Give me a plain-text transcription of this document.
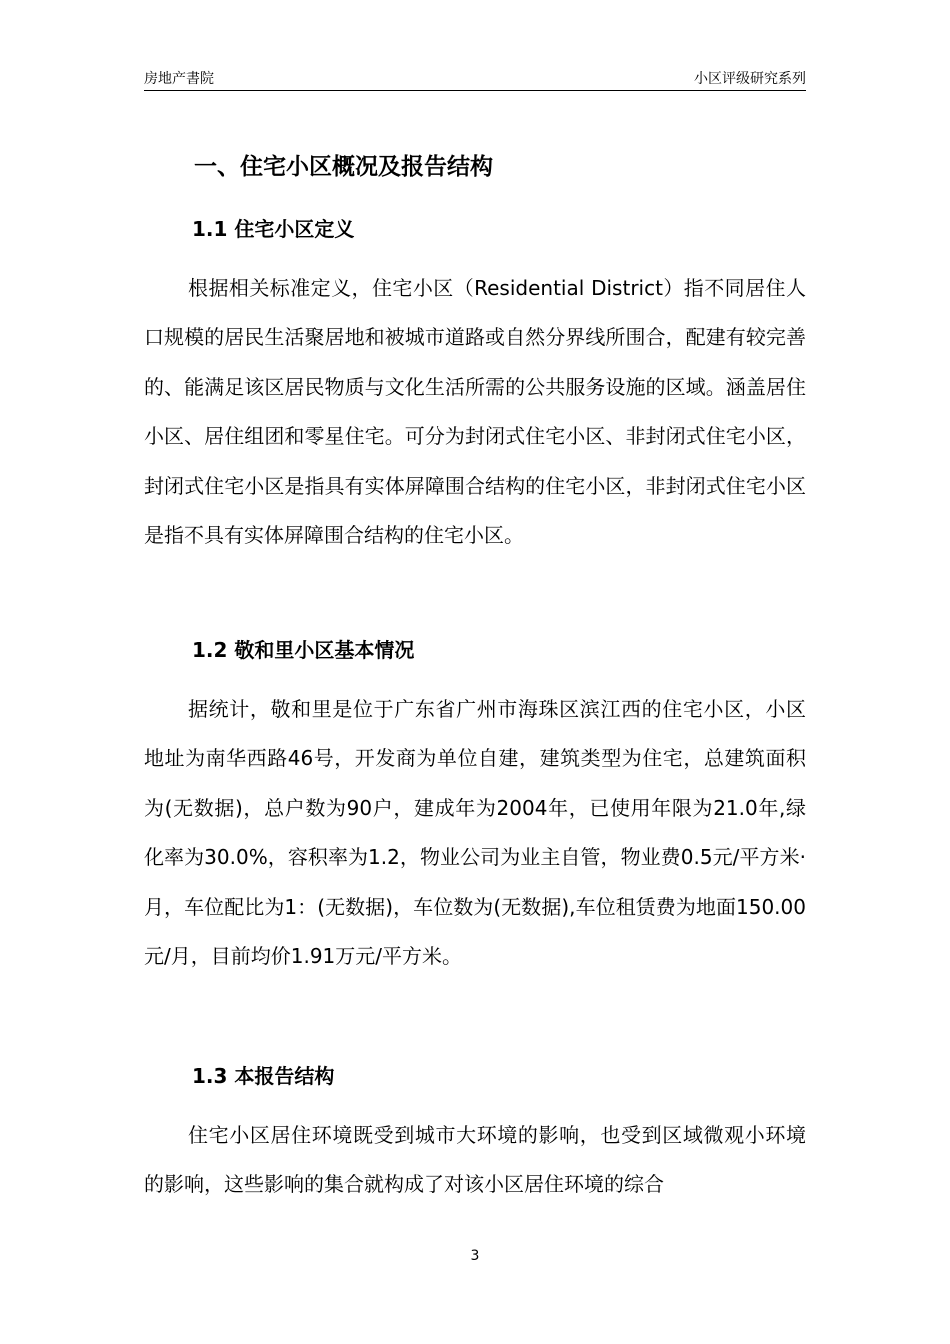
房地产書院	小区评级研究系列
一、住宅小区概况及报告结构
1.1 住宅小区定义
根据相关标准定义，住宅小区（Residential District）指不同居住人口规模的居民生活聚居地和被城市道路或自然分界线所围合，配建有较完善的、能满足该区居民物质与文化生活所需的公共服务设施的区域。涵盖居住小区、居住组团和零星住宅。可分为封闭式住宅小区、非封闭式住宅小区，封闭式住宅小区是指具有实体屏障围合结构的住宅小区，非封闭式住宅小区是指不具有实体屏障围合结构的住宅小区。
1.2 敬和里小区基本情况
据统计，敬和里是位于广东省广州市海珠区滨江西的住宅小区，小区地址为南华西路46号，开发商为单位自建，建筑类型为住宅，总建筑面积为(无数据)，总户数为90户，建成年为2004年，已使用年限为21.0年,绿化率为30.0%，容积率为1.2，物业公司为业主自管，物业费0.5元/平方米·月，车位配比为1：(无数据)，车位数为(无数据),车位租赁费为地面150.00元/月，目前均价1.91万元/平方米。
1.3 本报告结构
住宅小区居住环境既受到城市大环境的影响，也受到区域微观小环境的影响，这些影响的集合就构成了对该小区居住环境的综合
3
